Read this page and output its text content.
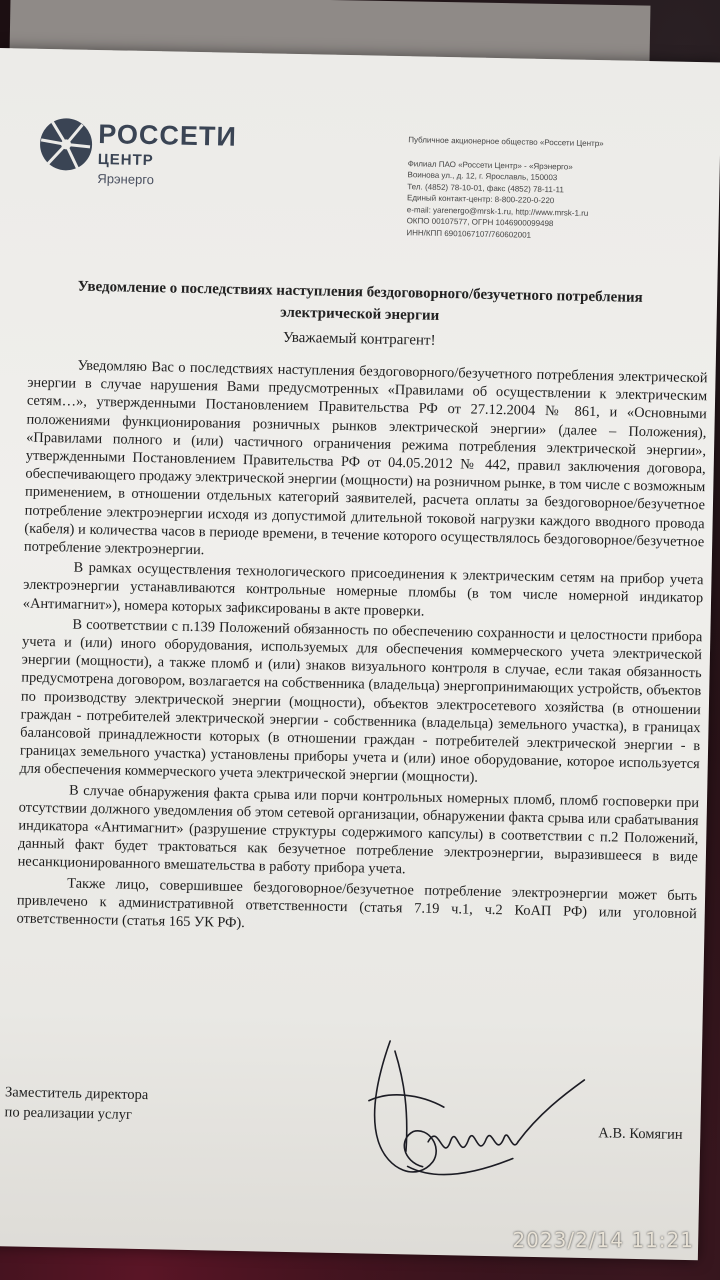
РОССЕТИ
ЦЕНТР
Ярэнерго
Публичное акционерное общество «Россети Центр»
Филиал ПАО «Россети Центр» - «Ярэнерго»
Воинова ул., д. 12, г. Ярославль, 150003
Тел. (4852) 78-10-01, факс (4852) 78-11-11
Единый контакт-центр: 8-800-220-0-220
e-mail: yarenergo@mrsk-1.ru, http://www.mrsk-1.ru
ОКПО 00107577, ОГРН 1046900099498
ИНН/КПП 6901067107/760602001
Уведомление о последствиях наступления бездоговорного/безучетного потребления электрической энергии
Уважаемый контрагент!

Уведомляю Вас о последствиях наступления бездоговорного/безучетного потребления электрической энергии в случае нарушения Вами предусмотренных «Правилами об осуществлении к электрическим сетям…», утвержденными Постановлением Правительства РФ от 27.12.2004 № 861, и «Основными положениями функционирования розничных рынков электрической энергии» (далее – Положения), «Правилами полного и (или) частичного ограничения режима потребления электрической энергии», утвержденными Постановлением Правительства РФ от 04.05.2012 № 442, правил заключения договора, обеспечивающего продажу электрической энергии (мощности) на розничном рынке, в том числе с возможным применением, в отношении отдельных категорий заявителей, расчета оплаты за бездоговорное/безучетное потребление электроэнергии исходя из допустимой длительной токовой нагрузки каждого вводного провода (кабеля) и количества часов в периоде времени, в течение которого осуществлялось бездоговорное/безучетное потребление электроэнергии.

В рамках осуществления технологического присоединения к электрическим сетям на прибор учета электроэнергии устанавливаются контрольные номерные пломбы (в том числе номерной индикатор «Антимагнит»), номера которых зафиксированы в акте проверки.

В соответствии с п.139 Положений обязанность по обеспечению сохранности и целостности прибора учета и (или) иного оборудования, используемых для обеспечения коммерческого учета электрической энергии (мощности), а также пломб и (или) знаков визуального контроля в случае, если такая обязанность предусмотрена договором, возлагается на собственника (владельца) энергопринимающих устройств, объектов по производству электрической энергии (мощности), объектов электросетевого хозяйства (в отношении граждан - потребителей электрической энергии - собственника (владельца) земельного участка), в границах балансовой принадлежности которых (в отношении граждан - потребителей электрической энергии - в границах земельного участка) установлены приборы учета и (или) иное оборудование, которое используется для обеспечения коммерческого учета электрической энергии (мощности).

В случае обнаружения факта срыва или порчи контрольных номерных пломб, пломб госповерки при отсутствии должного уведомления об этом сетевой организации, обнаружении факта срыва или срабатывания индикатора «Антимагнит» (разрушение структуры содержимого капсулы) в соответствии с п.2 Положений, данный факт будет трактоваться как безучетное потребление электроэнергии, выразившееся в виде несанкционированного вмешательства в работу прибора учета.

Также лицо, совершившее бездоговорное/безучетное потребление электроэнергии может быть привлечено к административной ответственности (статья 7.19 ч.1, ч.2 КоАП РФ) или уголовной ответственности (статья 165 УК РФ).

Заместитель директора
по реализации услуг
А.В. Комягин
2023/2/14 11:21
